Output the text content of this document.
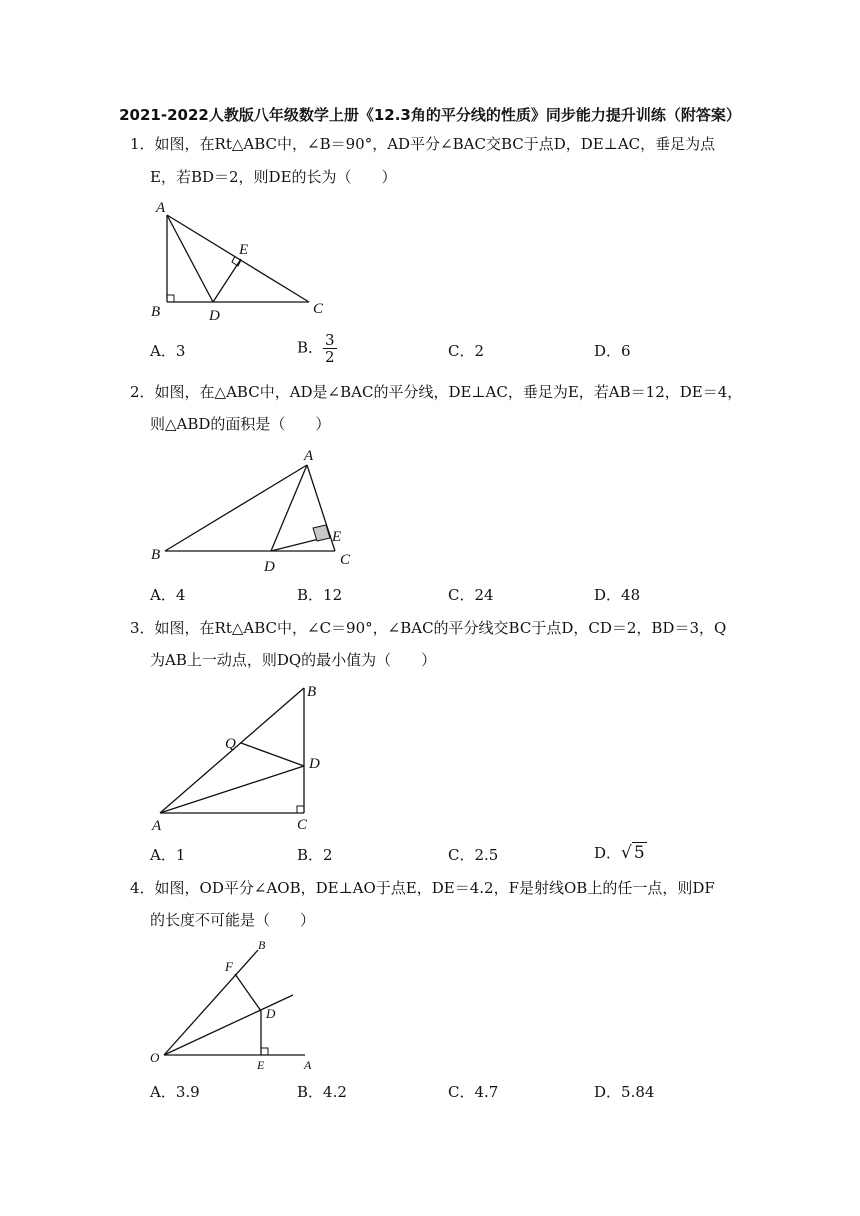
2021-2022人教版八年级数学上册《12.3角的平分线的性质》同步能力提升训练（附答案）
1．如图，在Rt△ABC中，∠B＝90°，AD平分∠BAC交BC于点D，DE⊥AC，垂足为点
E，若BD＝2，则DE的长为（　　）
A
B	D	C
E
A．3	B． $\frac{3}{2}$	C．2	D．6
2．如图，在△ABC中，AD是∠BAC的平分线，DE⊥AC，垂足为E，若AB＝12，DE＝4，
则△ABD的面积是（　　）
A
B
D
E
C
A．4	B．12	C．24	D．48
3．如图，在Rt△ABC中，∠C＝90°，∠BAC的平分线交BC于点D，CD＝2，BD＝3，Q
为AB上一动点，则DQ的最小值为（　　）
B
Q
D
A	C
A．1	B．2	C．2.5	D．√ 5
4．如图，OD平分∠AOB，DE⊥AO于点E，DE＝4.2，F是射线OB上的任一点，则DF
的长度不可能是（　　）
B
F
D
O	E	A
A．3.9	B．4.2	C．4.7	D．5.84
